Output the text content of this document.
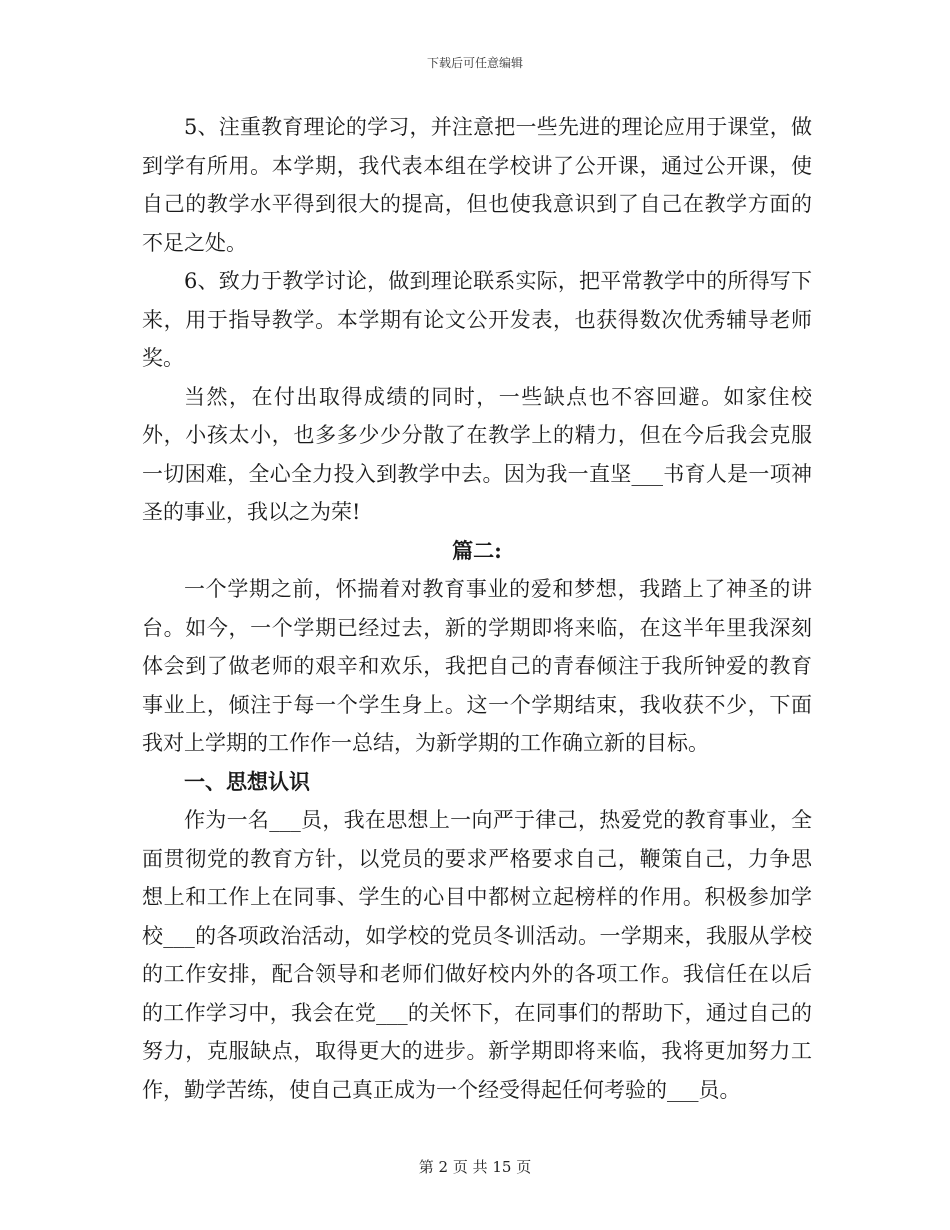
下载后可任意编辑

5、注重教育理论的学习，并注意把一些先进的理论应用于课堂，做到学有所用。本学期，我代表本组在学校讲了公开课，通过公开课，使自己的教学水平得到很大的提高，但也使我意识到了自己在教学方面的不足之处。

6、致力于教学讨论，做到理论联系实际，把平常教学中的所得写下来，用于指导教学。本学期有论文公开发表，也获得数次优秀辅导老师奖。

当然，在付出取得成绩的同时，一些缺点也不容回避。如家住校外，小孩太小，也多多少少分散了在教学上的精力，但在今后我会克服一切困难，全心全力投入到教学中去。因为我一直坚___书育人是一项神圣的事业，我以之为荣!

篇二:

一个学期之前，怀揣着对教育事业的爱和梦想，我踏上了神圣的讲台。如今，一个学期已经过去，新的学期即将来临，在这半年里我深刻体会到了做老师的艰辛和欢乐，我把自己的青春倾注于我所钟爱的教育事业上，倾注于每一个学生身上。这一个学期结束，我收获不少，下面我对上学期的工作作一总结，为新学期的工作确立新的目标。

一、思想认识

作为一名___员，我在思想上一向严于律己，热爱党的教育事业，全面贯彻党的教育方针，以党员的要求严格要求自己，鞭策自己，力争思想上和工作上在同事、学生的心目中都树立起榜样的作用。积极参加学校___的各项政治活动，如学校的党员冬训活动。一学期来，我服从学校的工作安排，配合领导和老师们做好校内外的各项工作。我信任在以后的工作学习中，我会在党___的关怀下，在同事们的帮助下，通过自己的努力，克服缺点，取得更大的进步。新学期即将来临，我将更加努力工作，勤学苦练，使自己真正成为一个经受得起任何考验的___员。

第 2 页 共 15 页
